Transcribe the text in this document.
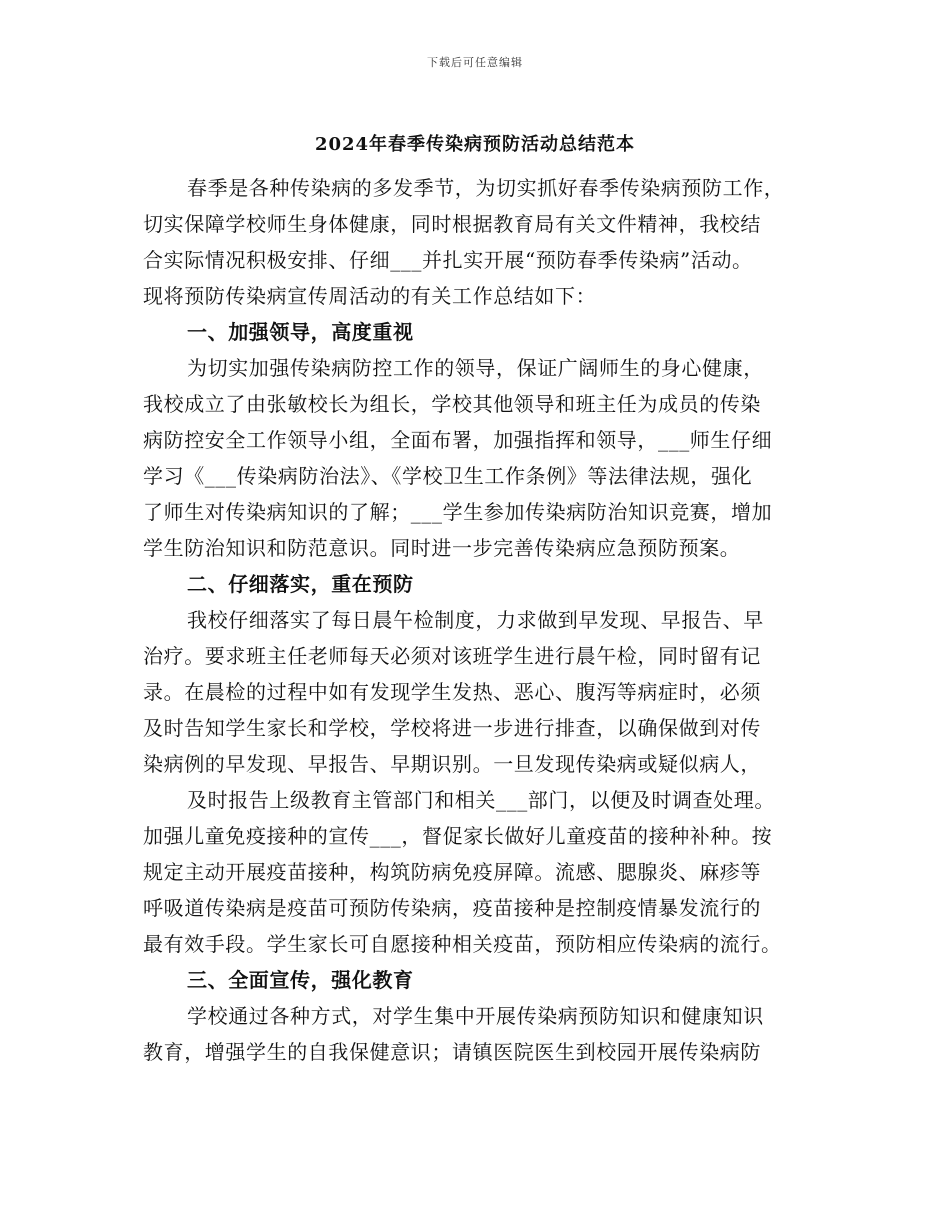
下载后可任意编辑
2024年春季传染病预防活动总结范本
春季是各种传染病的多发季节，为切实抓好春季传染病预防工作，
切实保障学校师生身体健康，同时根据教育局有关文件精神，我校结
合实际情况积极安排、仔细___并扎实开展“预防春季传染病”活动。
现将预防传染病宣传周活动的有关工作总结如下：
一、加强领导，高度重视
为切实加强传染病防控工作的领导，保证广阔师生的身心健康，
我校成立了由张敏校长为组长，学校其他领导和班主任为成员的传染
病防控安全工作领导小组，全面布署，加强指挥和领导，___师生仔细
学习《___传染病防治法》、《学校卫生工作条例》等法律法规，强化
了师生对传染病知识的了解；___学生参加传染病防治知识竞赛，增加
学生防治知识和防范意识。同时进一步完善传染病应急预防预案。
二、仔细落实，重在预防
我校仔细落实了每日晨午检制度，力求做到早发现、早报告、早
治疗。要求班主任老师每天必须对该班学生进行晨午检，同时留有记
录。在晨检的过程中如有发现学生发热、恶心、腹泻等病症时，必须
及时告知学生家长和学校，学校将进一步进行排查，以确保做到对传
染病例的早发现、早报告、早期识别。一旦发现传染病或疑似病人，
及时报告上级教育主管部门和相关___部门，以便及时调查处理。
加强儿童免疫接种的宣传___，督促家长做好儿童疫苗的接种补种。按
规定主动开展疫苗接种，构筑防病免疫屏障。流感、腮腺炎、麻疹等
呼吸道传染病是疫苗可预防传染病，疫苗接种是控制疫情暴发流行的
最有效手段。学生家长可自愿接种相关疫苗，预防相应传染病的流行。
三、全面宣传，强化教育
学校通过各种方式，对学生集中开展传染病预防知识和健康知识
教育，增强学生的自我保健意识；请镇医院医生到校园开展传染病防
